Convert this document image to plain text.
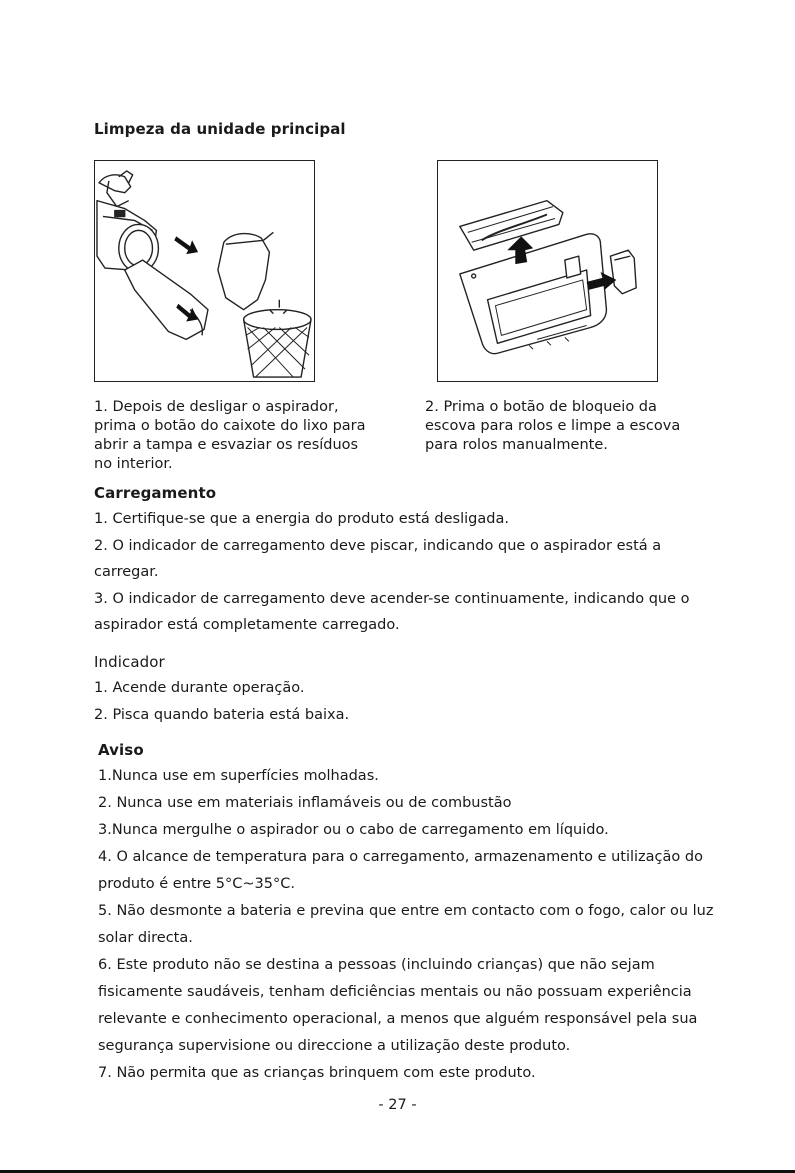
Limpeza da unidade principal
1. Depois de desligar o aspirador,
prima o botão do caixote do lixo para
abrir a tampa e esvaziar os resíduos
no interior.
2. Prima o botão de bloqueio da
escova para rolos e limpe a escova
para rolos manualmente.
Carregamento
1. Certifique-se que a energia do produto está desligada.
2. O indicador de carregamento deve piscar, indicando que o aspirador está a
carregar.
3. O indicador de carregamento deve acender-se continuamente, indicando que o
aspirador está completamente carregado.
Indicador
1. Acende durante operação.
2. Pisca quando bateria está baixa.
Aviso
1.Nunca use em superfícies molhadas.
2. Nunca use em materiais inflamáveis ou de combustão
3.Nunca mergulhe o aspirador ou o cabo de carregamento em líquido.
4. O alcance de temperatura para o carregamento, armazenamento e utilização do
produto é entre 5°C~35°C.
5. Não desmonte a bateria e previna que entre em contacto com o fogo, calor ou luz
solar directa.
6. Este produto não se destina a pessoas (incluindo crianças) que não sejam
fisicamente saudáveis, tenham deficiências mentais ou não possuam experiência
relevante e conhecimento operacional, a menos que alguém responsável pela sua
segurança supervisione ou direccione a utilização deste produto.
7. Não permita que as crianças brinquem com este produto.
- 27 -
